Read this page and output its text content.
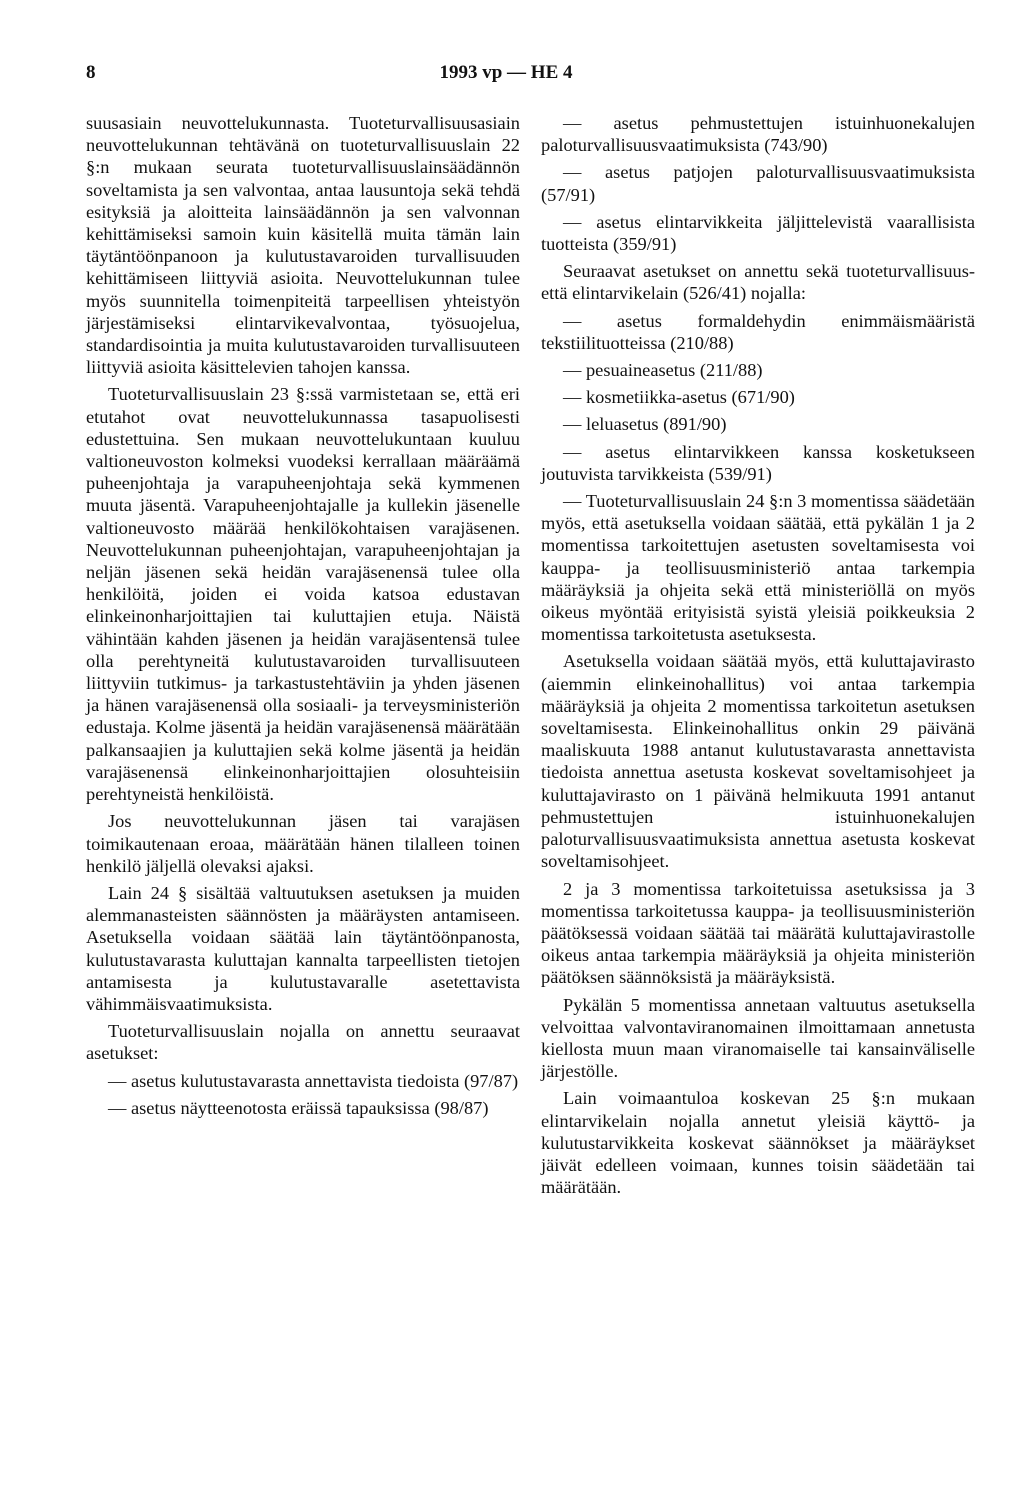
8	1993 vp — HE 4

suusasiain neuvottelukunnasta. Tuoteturvallisuusasiain neuvottelukunnan tehtävänä on tuoteturvallisuuslain 22 §:n mukaan seurata tuoteturvallisuuslainsäädännön soveltamista ja sen valvontaa, antaa lausuntoja sekä tehdä esityksiä ja aloitteita lainsäädännön ja sen valvonnan kehittämiseksi samoin kuin käsitellä muita tämän lain täytäntöönpanoon ja kulutustavaroiden turvallisuuden kehittämiseen liittyviä asioita. Neuvottelukunnan tulee myös suunnitella toimenpiteitä tarpeellisen yhteistyön järjestämiseksi elintarvikevalvontaa, työsuojelua, standardisointia ja muita kulutustavaroiden turvallisuuteen liittyviä asioita käsittelevien tahojen kanssa.

Tuoteturvallisuuslain 23 §:ssä varmistetaan se, että eri etutahot ovat neuvottelukunnassa tasapuolisesti edustettuina. Sen mukaan neuvottelukuntaan kuuluu valtioneuvoston kolmeksi vuodeksi kerrallaan määräämä puheenjohtaja ja varapuheenjohtaja sekä kymmenen muuta jäsentä. Varapuheenjohtajalle ja kullekin jäsenelle valtioneuvosto määrää henkilökohtaisen varajäsenen. Neuvottelukunnan puheenjohtajan, varapuheenjohtajan ja neljän jäsenen sekä heidän varajäsenensä tulee olla henkilöitä, joiden ei voida katsoa edustavan elinkeinonharjoittajien tai kuluttajien etuja. Näistä vähintään kahden jäsenen ja heidän varajäsentensä tulee olla perehtyneitä kulutustavaroiden turvallisuuteen liittyviin tutkimus- ja tarkastustehtäviin ja yhden jäsenen ja hänen varajäsenensä olla sosiaali- ja terveysministeriön edustaja. Kolme jäsentä ja heidän varajäsenensä määrätään palkansaajien ja kuluttajien sekä kolme jäsentä ja heidän varajäsenensä elinkeinonharjoittajien olosuhteisiin perehtyneistä henkilöistä.

Jos neuvottelukunnan jäsen tai varajäsen toimikautenaan eroaa, määrätään hänen tilalleen toinen henkilö jäljellä olevaksi ajaksi.

Lain 24 § sisältää valtuutuksen asetuksen ja muiden alemmanasteisten säännösten ja määräysten antamiseen. Asetuksella voidaan säätää lain täytäntöönpanosta, kulutustavarasta kuluttajan kannalta tarpeellisten tietojen antamisesta ja kulutustavaralle asetettavista vähimmäisvaatimuksista.

Tuoteturvallisuuslain nojalla on annettu seuraavat asetukset:

— asetus kulutustavarasta annettavista tiedoista (97/87)

— asetus näytteenotosta eräissä tapauksissa (98/87)

— asetus pehmustettujen istuinhuonekalujen paloturvallisuusvaatimuksista (743/90)

— asetus patjojen paloturvallisuusvaatimuksista (57/91)

— asetus elintarvikkeita jäljittelevistä vaarallisista tuotteista (359/91)

Seuraavat asetukset on annettu sekä tuoteturvallisuus- että elintarvikelain (526/41) nojalla:

— asetus formaldehydin enimmäismääristä tekstiilituotteissa (210/88)

— pesuaineasetus (211/88)

— kosmetiikka-asetus (671/90)

— leluasetus (891/90)

— asetus elintarvikkeen kanssa kosketukseen joutuvista tarvikkeista (539/91)

— Tuoteturvallisuuslain 24 §:n 3 momentissa säädetään myös, että asetuksella voidaan säätää, että pykälän 1 ja 2 momentissa tarkoitettujen asetusten soveltamisesta voi kauppa- ja teollisuusministeriö antaa tarkempia määräyksiä ja ohjeita sekä että ministeriöllä on myös oikeus myöntää erityisistä syistä yleisiä poikkeuksia 2 momentissa tarkoitetusta asetuksesta.

Asetuksella voidaan säätää myös, että kuluttajavirasto (aiemmin elinkeinohallitus) voi antaa tarkempia määräyksiä ja ohjeita 2 momentissa tarkoitetun asetuksen soveltamisesta. Elinkeinohallitus onkin 29 päivänä maaliskuuta 1988 antanut kulutustavarasta annettavista tiedoista annettua asetusta koskevat soveltamisohjeet ja kuluttajavirasto on 1 päivänä helmikuuta 1991 antanut pehmustettujen istuinhuonekalujen paloturvallisuusvaatimuksista annettua asetusta koskevat soveltamisohjeet.

2 ja 3 momentissa tarkoitetuissa asetuksissa ja 3 momentissa tarkoitetussa kauppa- ja teollisuusministeriön päätöksessä voidaan säätää tai määrätä kuluttajavirastolle oikeus antaa tarkempia määräyksiä ja ohjeita ministeriön päätöksen säännöksistä ja määräyksistä.

Pykälän 5 momentissa annetaan valtuutus asetuksella velvoittaa valvontaviranomainen ilmoittamaan annetusta kiellosta muun maan viranomaiselle tai kansainväliselle järjestölle.

Lain voimaantuloa koskevan 25 §:n mukaan elintarvikelain nojalla annetut yleisiä käyttö- ja kulutustarvikkeita koskevat säännökset ja määräykset jäivät edelleen voimaan, kunnes toisin säädetään tai määrätään.
